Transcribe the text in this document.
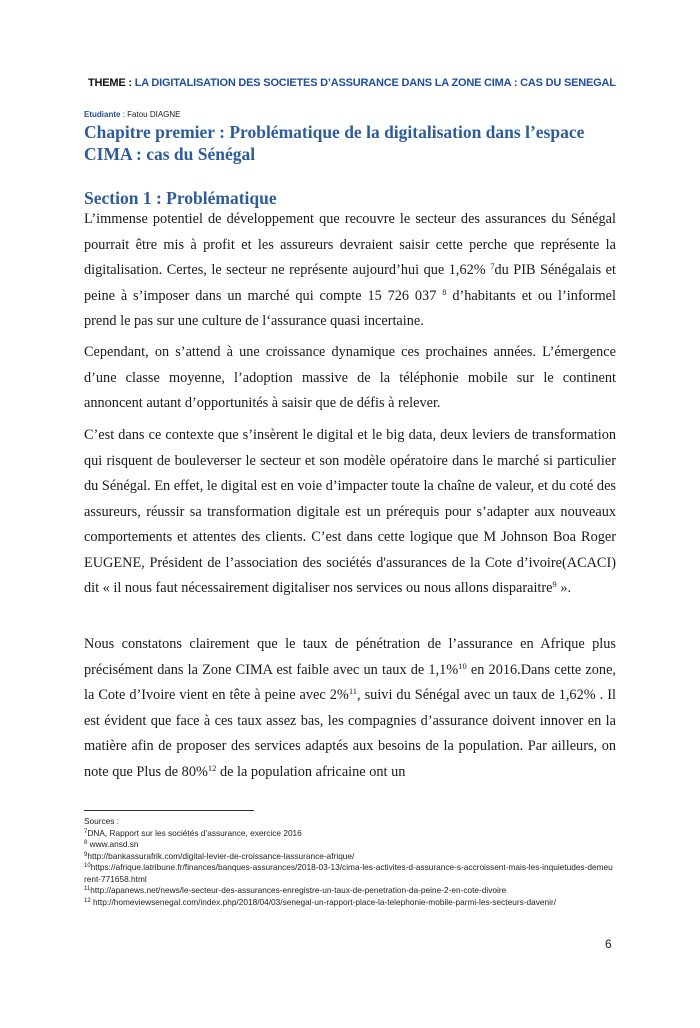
THEME : LA DIGITALISATION DES SOCIETES D’ASSURANCE DANS LA ZONE CIMA : CAS DU SENEGAL
Etudiante : Fatou DIAGNE
Chapitre premier : Problématique de la digitalisation dans l’espace CIMA : cas du Sénégal
Section 1 : Problématique

L’immense potentiel de développement que recouvre le secteur des assurances du Sénégal pourrait être mis à profit et les assureurs devraient saisir cette perche que représente la digitalisation. Certes, le secteur ne représente aujourd’hui que 1,62% $^7$du PIB Sénégalais et peine à s’imposer dans un marché qui compte 15 726 037 $^8$ d’habitants et ou l’informel prend le pas sur une culture de l‘assurance quasi incertaine.

Cependant, on s’attend à une croissance dynamique ces prochaines années. L’émergence d’une classe moyenne, l’adoption massive de la téléphonie mobile sur le continent annoncent autant d’opportunités à saisir que de défis à relever.

C’est dans ce contexte que s’insèrent le digital et le big data, deux leviers de transformation qui risquent de bouleverser le secteur et son modèle opératoire dans le marché si particulier du Sénégal. En effet, le digital est en voie d’impacter toute la chaîne de valeur, et du coté des assureurs, réussir sa transformation digitale est un prérequis pour s’adapter aux nouveaux comportements et attentes des clients. C’est dans cette logique que M Johnson Boa Roger EUGENE, Président de l’association des sociétés d'assurances de la Cote d’ivoire(ACACI) dit « il nous faut nécessairement digitaliser nos services ou nous allons disparaitre$^9$ ».

Nous constatons clairement que le taux de pénétration de l’assurance en Afrique plus précisément dans la Zone CIMA est faible avec un taux de 1,1%$^{10}$ en 2016.Dans cette zone, la Cote d’Ivoire vient en tête à peine avec 2%$^{11}$, suivi du Sénégal avec un taux de 1,62% . Il est évident que face à ces taux assez bas, les compagnies d’assurance doivent innover en la matière afin de proposer des services adaptés aux besoins de la population. Par ailleurs, on note que Plus de 80%$^{12}$ de la population africaine ont un

Sources :
$^7$DNA, Rapport sur les sociétés d’assurance, exercice 2016
$^8$ www.ansd.sn
$^9$http://bankassurafrik.com/digital-levier-de-croissance-lassurance-afrique/
$^{10}$https://afrique.latribune.fr/finances/banques-assurances/2018-03-13/cima-les-activites-d-assurance-s-accroissent-mais-les-inquietudes-demeurent-771658.html
$^{11}$http://apanews.net/news/le-secteur-des-assurances-enregistre-un-taux-de-penetration-da-peine-2-en-cote-divoire
$^{12}$ http://homeviewsenegal.com/index.php/2018/04/03/senegal-un-rapport-place-la-telephonie-mobile-parmi-les-secteurs-davenir/
6
